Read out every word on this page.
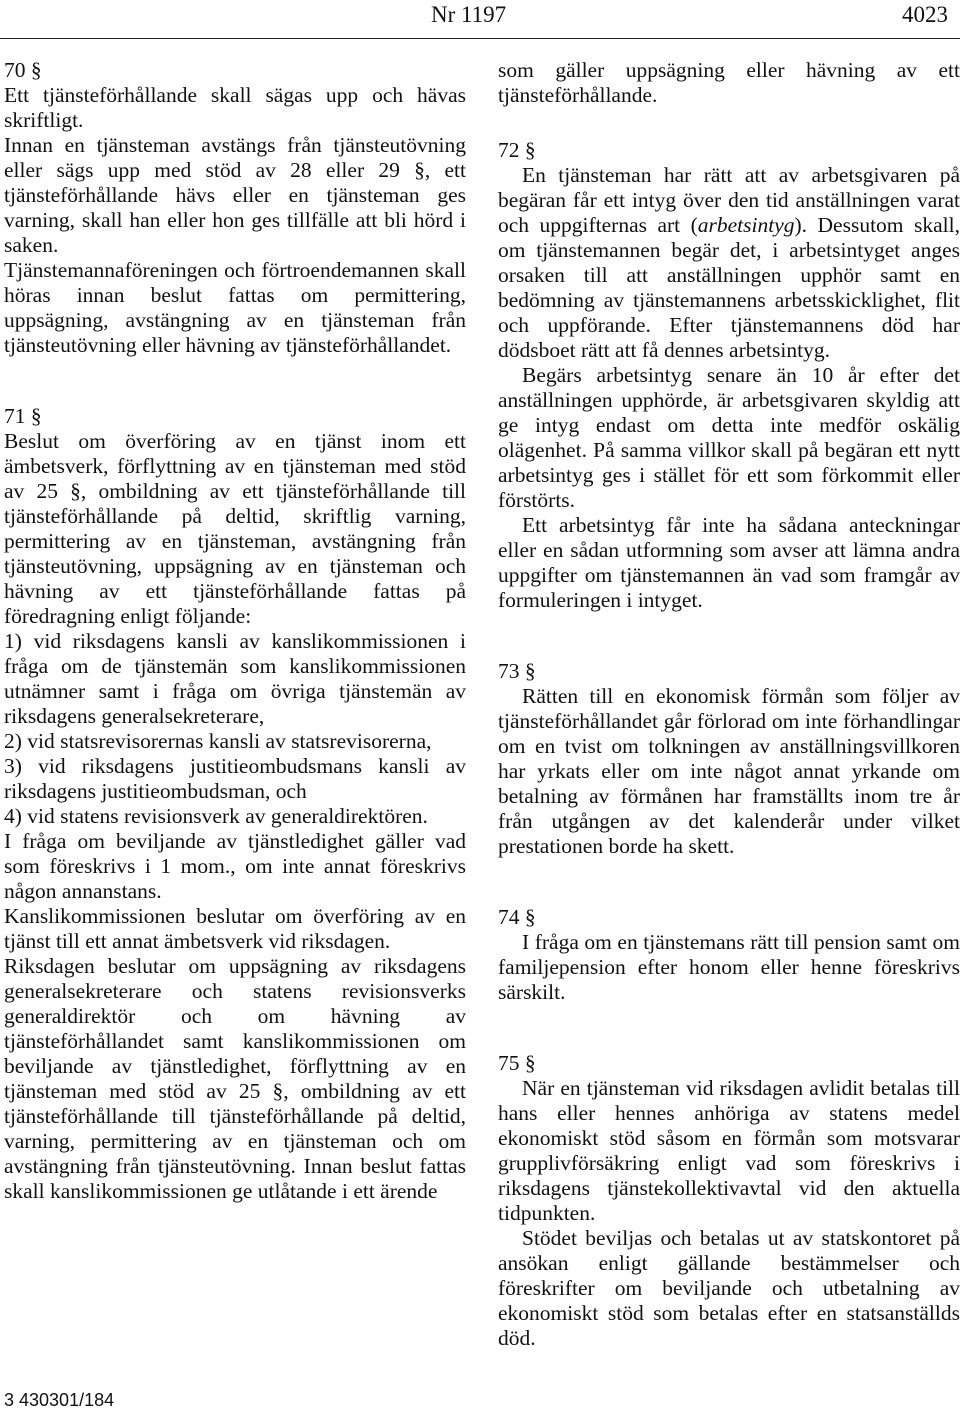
Nr 1197	4023

70 §

Ett tjänsteförhållande skall sägas upp och hävas skriftligt.

Innan en tjänsteman avstängs från tjänsteutövning eller sägs upp med stöd av 28 eller 29 §, ett tjänsteförhållande hävs eller en tjänsteman ges varning, skall han eller hon ges tillfälle att bli hörd i saken.

Tjänstemannaföreningen och förtroendemannen skall höras innan beslut fattas om permittering, uppsägning, avstängning av en tjänsteman från tjänsteutövning eller hävning av tjänsteförhållandet.

71 §

Beslut om överföring av en tjänst inom ett ämbetsverk, förflyttning av en tjänsteman med stöd av 25 §, ombildning av ett tjänsteförhållande till tjänsteförhållande på deltid, skriftlig varning, permittering av en tjänsteman, avstängning från tjänsteutövning, uppsägning av en tjänsteman och hävning av ett tjänsteförhållande fattas på föredragning enligt följande:

1) vid riksdagens kansli av kanslikommissionen i fråga om de tjänstemän som kanslikommissionen utnämner samt i fråga om övriga tjänstemän av riksdagens generalsekreterare,

2) vid statsrevisorernas kansli av statsrevisorerna,

3) vid riksdagens justitieombudsmans kansli av riksdagens justitieombudsman, och

4) vid statens revisionsverk av generaldirektören.

I fråga om beviljande av tjänstledighet gäller vad som föreskrivs i 1 mom., om inte annat föreskrivs någon annanstans.

Kanslikommissionen beslutar om överföring av en tjänst till ett annat ämbetsverk vid riksdagen.

Riksdagen beslutar om uppsägning av riksdagens generalsekreterare och statens revisionsverks generaldirektör och om hävning av tjänsteförhållandet samt kanslikommissionen om beviljande av tjänstledighet, förflyttning av en tjänsteman med stöd av 25 §, ombildning av ett tjänsteförhållande till tjänsteförhållande på deltid, varning, permittering av en tjänsteman och om avstängning från tjänsteutövning. Innan beslut fattas skall kanslikommissionen ge utlåtande i ett ärende

som gäller uppsägning eller hävning av ett tjänsteförhållande.

72 §

En tjänsteman har rätt att av arbetsgivaren på begäran får ett intyg över den tid anställningen varat och uppgifternas art (arbetsintyg). Dessutom skall, om tjänstemannen begär det, i arbetsintyget anges orsaken till att anställningen upphör samt en bedömning av tjänstemannens arbetsskicklighet, flit och uppförande. Efter tjänstemannens död har dödsboet rätt att få dennes arbetsintyg.

Begärs arbetsintyg senare än 10 år efter det anställningen upphörde, är arbetsgivaren skyldig att ge intyg endast om detta inte medför oskälig olägenhet. På samma villkor skall på begäran ett nytt arbetsintyg ges i stället för ett som förkommit eller förstörts.

Ett arbetsintyg får inte ha sådana anteckningar eller en sådan utformning som avser att lämna andra uppgifter om tjänstemannen än vad som framgår av formuleringen i intyget.

73 §

Rätten till en ekonomisk förmån som följer av tjänsteförhållandet går förlorad om inte förhandlingar om en tvist om tolkningen av anställningsvillkoren har yrkats eller om inte något annat yrkande om betalning av förmånen har framställts inom tre år från utgången av det kalenderår under vilket prestationen borde ha skett.

74 §

I fråga om en tjänstemans rätt till pension samt om familjepension efter honom eller henne föreskrivs särskilt.

75 §

När en tjänsteman vid riksdagen avlidit betalas till hans eller hennes anhöriga av statens medel ekonomiskt stöd såsom en förmån som motsvarar grupplivförsäkring enligt vad som föreskrivs i riksdagens tjänstekollektivavtal vid den aktuella tidpunkten.

Stödet beviljas och betalas ut av statskontoret på ansökan enligt gällande bestämmelser och föreskrifter om beviljande och utbetalning av ekonomiskt stöd som betalas efter en statsanställds död.

3 430301/184
